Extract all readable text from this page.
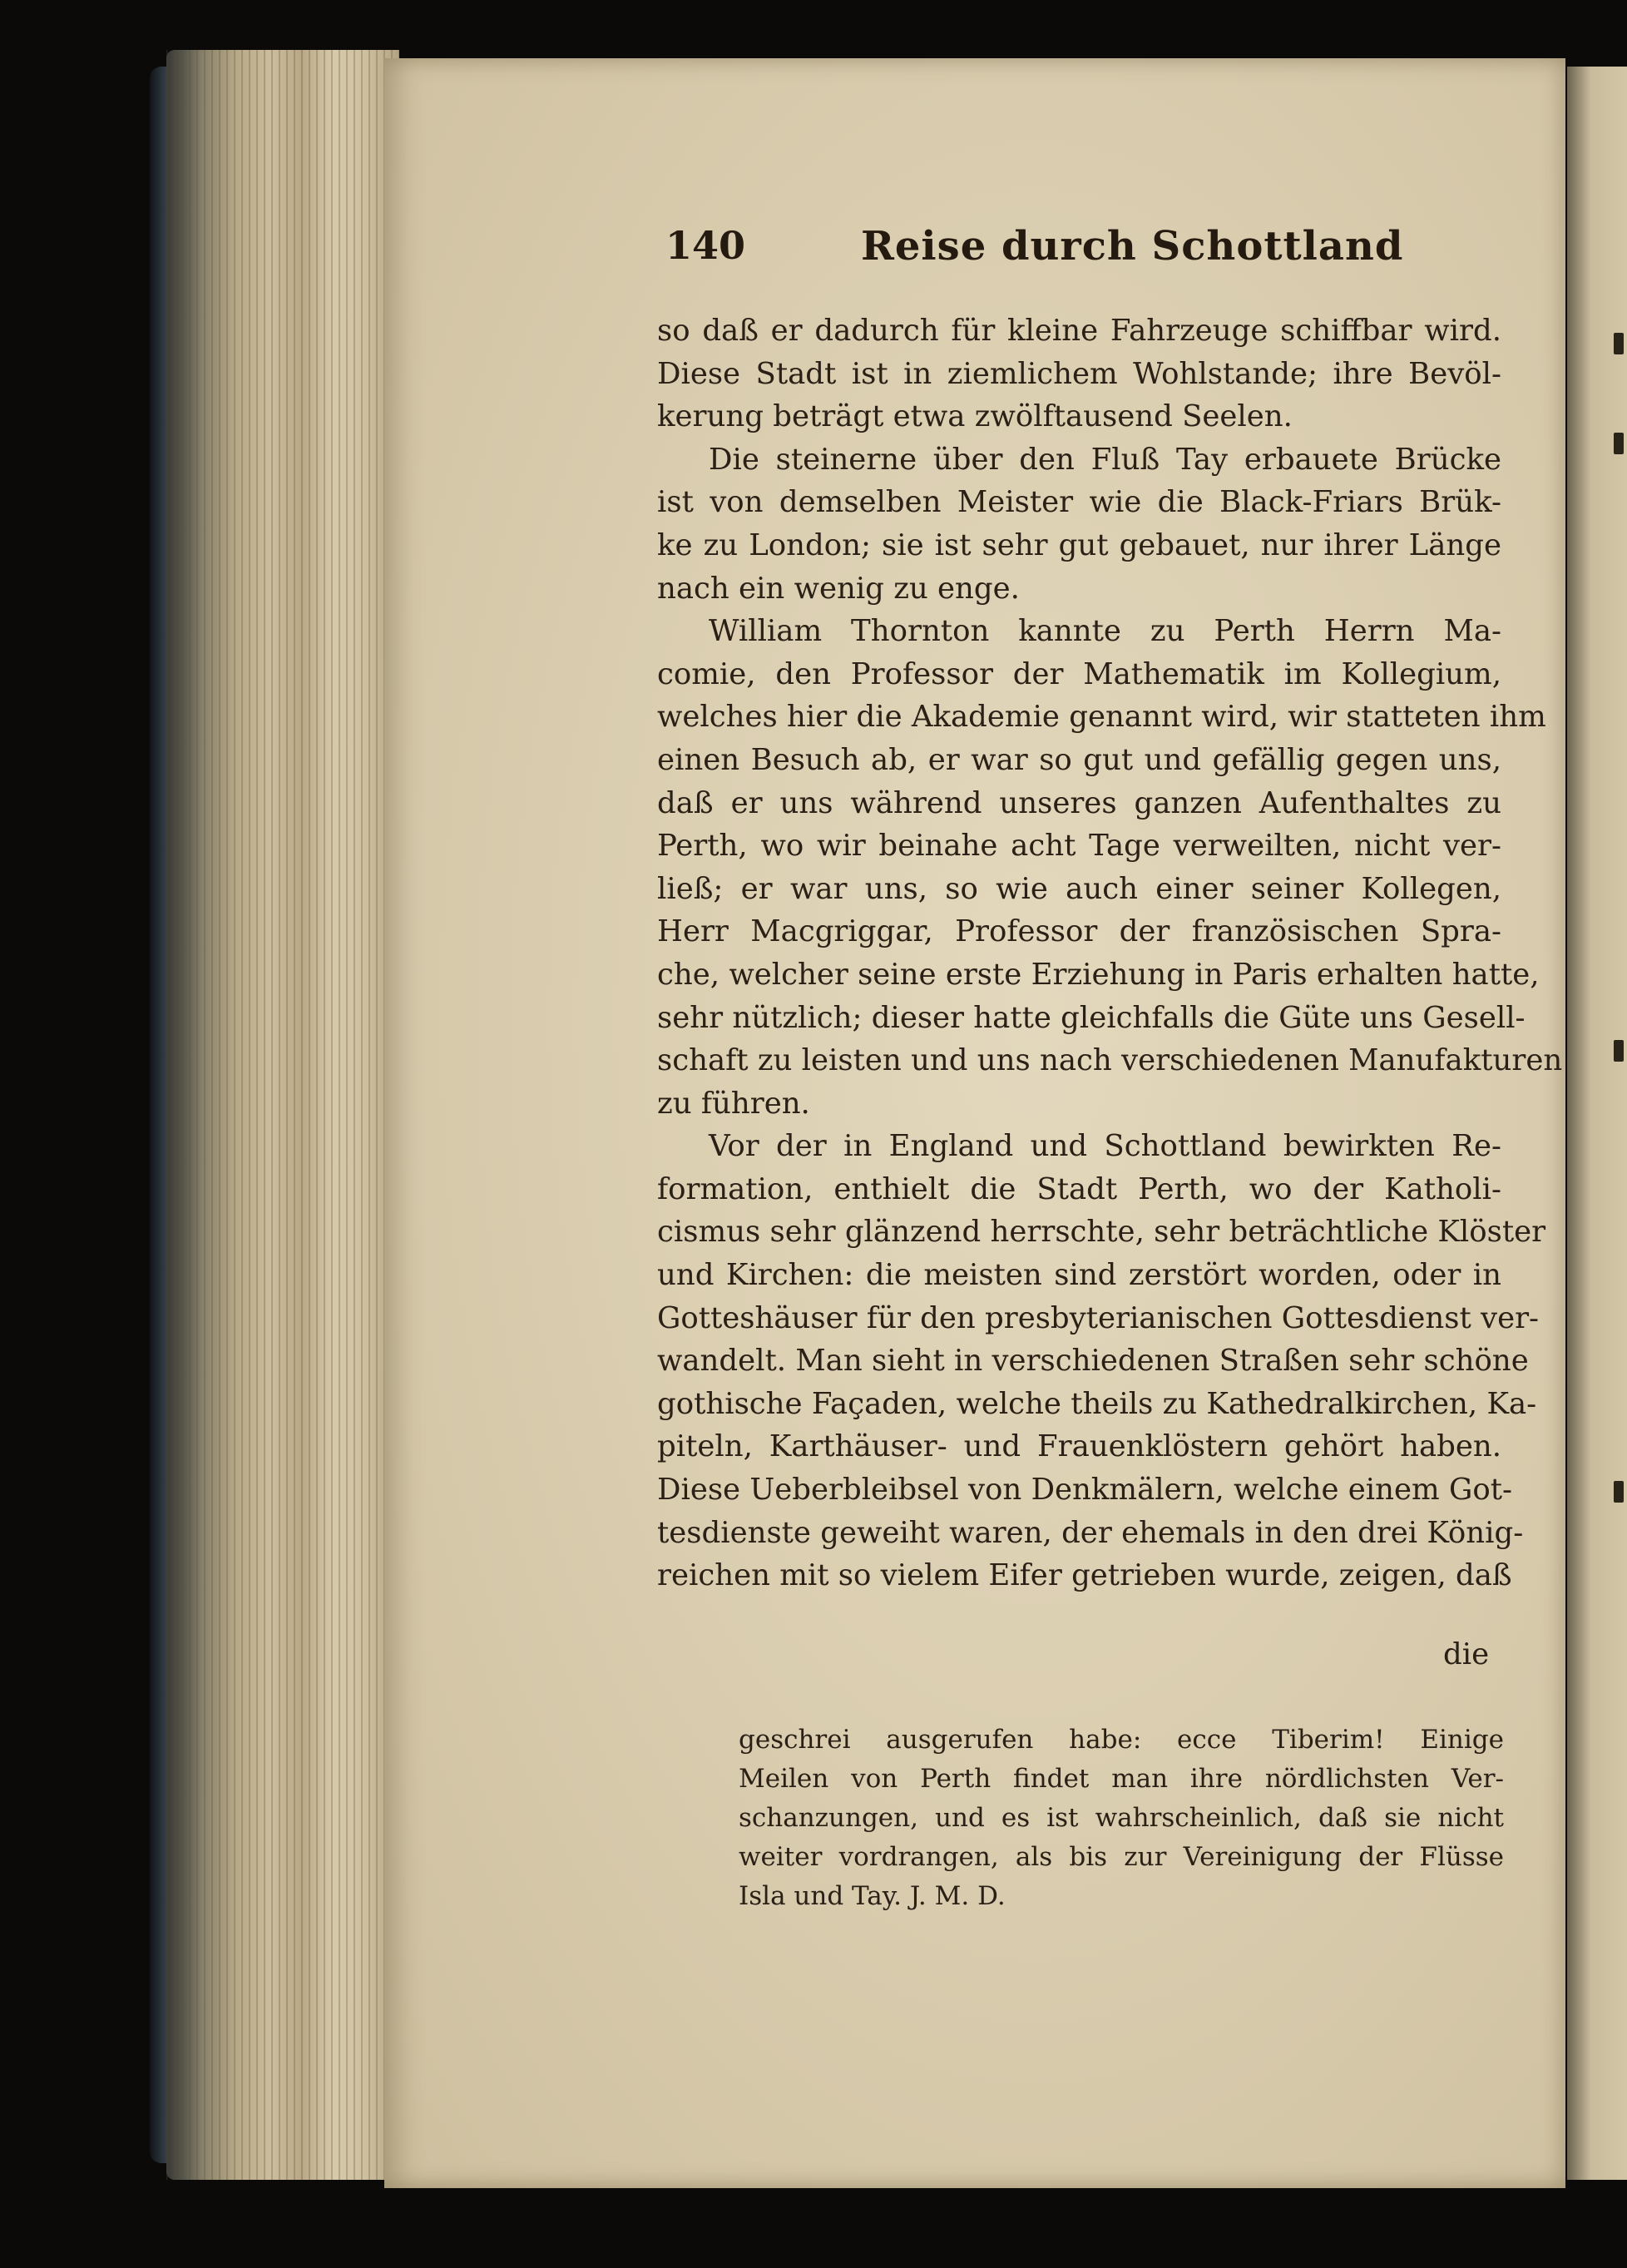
140	Reise durch Schottland
so daß er dadurch für kleine Fahrzeuge schiffbar wird.
Diese Stadt ist in ziemlichem Wohlstande; ihre Bevöl-
kerung beträgt etwa zwölftausend Seelen.
Die steinerne über den Fluß Tay erbauete Brücke
ist von demselben Meister wie die Black-Friars Brük-
ke zu London; sie ist sehr gut gebauet, nur ihrer Länge
nach ein wenig zu enge.
William Thornton kannte zu Perth Herrn Ma-
comie, den Professor der Mathematik im Kollegium,
welches hier die Akademie genannt wird, wir statteten ihm
einen Besuch ab, er war so gut und gefällig gegen uns,
daß er uns während unseres ganzen Aufenthaltes zu
Perth, wo wir beinahe acht Tage verweilten, nicht ver-
ließ; er war uns, so wie auch einer seiner Kollegen,
Herr Macgriggar, Professor der französischen Spra-
che, welcher seine erste Erziehung in Paris erhalten hatte,
sehr nützlich; dieser hatte gleichfalls die Güte uns Gesell-
schaft zu leisten und uns nach verschiedenen Manufakturen
zu führen.
Vor der in England und Schottland bewirkten Re-
formation, enthielt die Stadt Perth, wo der Katholi-
cismus sehr glänzend herrschte, sehr beträchtliche Klöster
und Kirchen: die meisten sind zerstört worden, oder in
Gotteshäuser für den presbyterianischen Gottesdienst ver-
wandelt. Man sieht in verschiedenen Straßen sehr schöne
gothische Façaden, welche theils zu Kathedralkirchen, Ka-
piteln, Karthäuser- und Frauenklöstern gehört haben.
Diese Ueberbleibsel von Denkmälern, welche einem Got-
tesdienste geweiht waren, der ehemals in den drei König-
reichen mit so vielem Eifer getrieben wurde, zeigen, daß
die
geschrei ausgerufen habe: ecce Tiberim! Einige
Meilen von Perth findet man ihre nördlichsten Ver-
schanzungen, und es ist wahrscheinlich, daß sie nicht
weiter vordrangen, als bis zur Vereinigung der Flüsse
Isla und Tay. J. M. D.
